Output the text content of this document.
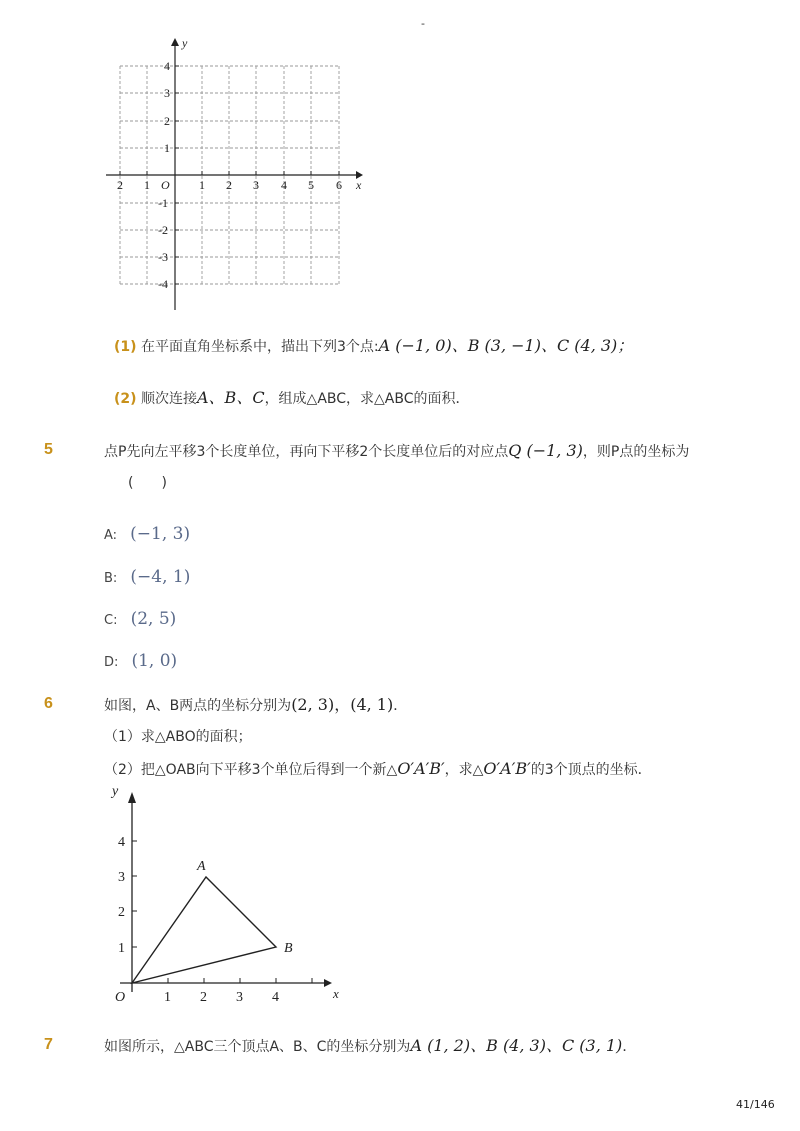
-
y
x
O
2 1	1 2 3 4 5 6
4
3
2
1
-1
-2
-3
-4
(1) 在平面直角坐标系中，描出下列3个点:A (−1, 0)、B (3, −1)、C (4, 3)；
(2) 顺次连接A、B、C，组成△ABC，求△ABC的面积．
5	点P先向左平移3个长度单位，再向下平移2个长度单位后的对应点Q (−1, 3)，则P点的坐标为
(　　)
A: (−1, 3)
B: (−4, 1)
C: (2, 5)
D: (1, 0)
6	如图，A、B两点的坐标分别为(2, 3)，(4, 1)．
（1）求△ABO的面积；
（2）把△OAB向下平移3个单位后得到一个新△O′A′B′，求△O′A′B′的3个顶点的坐标．
y
x
O	1 2 3 4
1
2
3
4
A
B
7	如图所示，△ABC三个顶点A、B、C的坐标分别为A (1, 2)、B (4, 3)、C (3, 1)．
41/146
